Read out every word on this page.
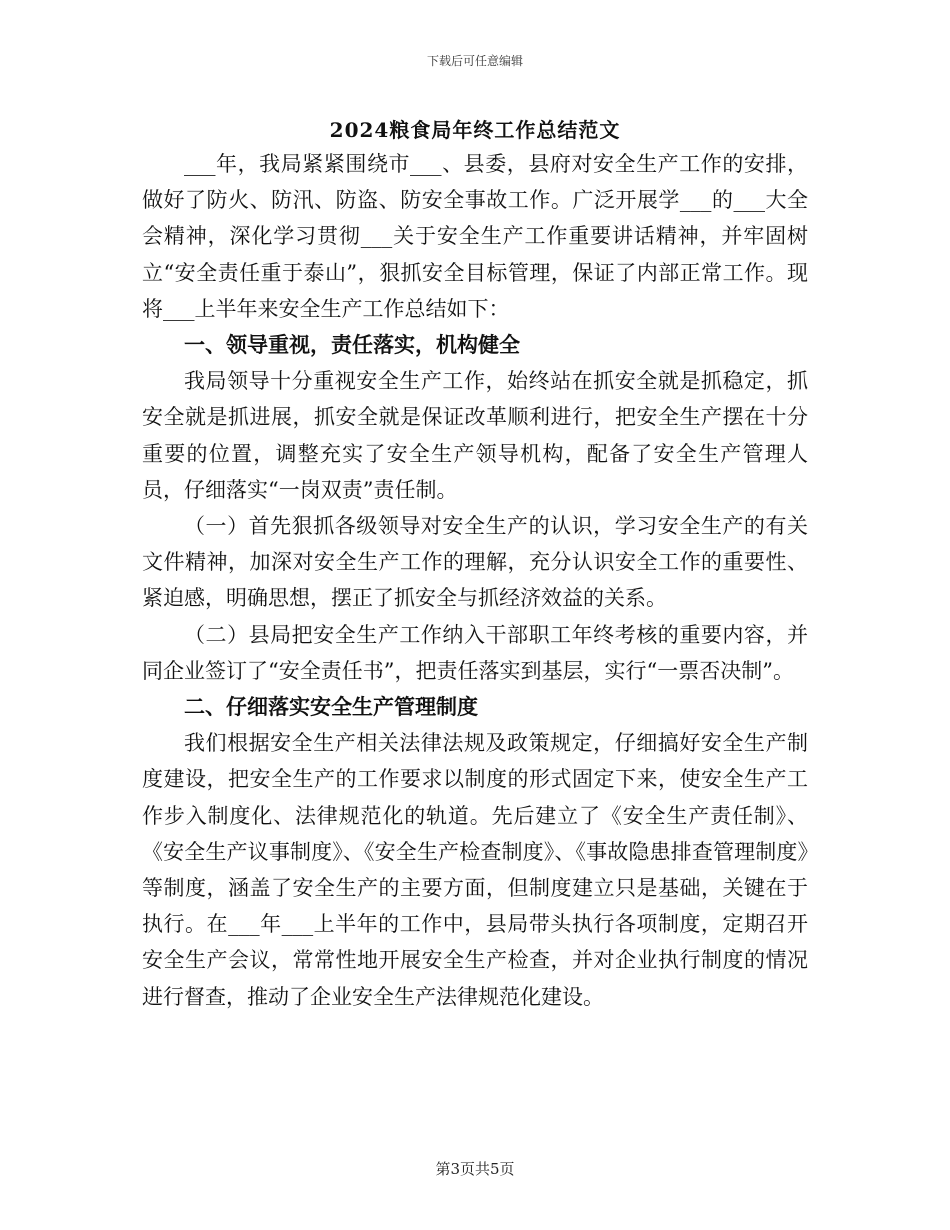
下载后可任意编辑
2024粮食局年终工作总结范文

___年，我局紧紧围绕市___、县委，县府对安全生产工作的安排，做好了防火、防汛、防盗、防安全事故工作。广泛开展学___的___大全会精神，深化学习贯彻___关于安全生产工作重要讲话精神，并牢固树立“安全责任重于泰山”，狠抓安全目标管理，保证了内部正常工作。现将___上半年来安全生产工作总结如下：

一、领导重视，责任落实，机构健全

我局领导十分重视安全生产工作，始终站在抓安全就是抓稳定，抓安全就是抓进展，抓安全就是保证改革顺利进行，把安全生产摆在十分重要的位置，调整充实了安全生产领导机构，配备了安全生产管理人员，仔细落实“一岗双责”责任制。

（一）首先狠抓各级领导对安全生产的认识，学习安全生产的有关文件精神，加深对安全生产工作的理解，充分认识安全工作的重要性、紧迫感，明确思想，摆正了抓安全与抓经济效益的关系。

（二）县局把安全生产工作纳入干部职工年终考核的重要内容，并同企业签订了“安全责任书”，把责任落实到基层，实行“一票否决制”。

二、仔细落实安全生产管理制度

我们根据安全生产相关法律法规及政策规定，仔细搞好安全生产制度建设，把安全生产的工作要求以制度的形式固定下来，使安全生产工作步入制度化、法律规范化的轨道。先后建立了《安全生产责任制》、《安全生产议事制度》、《安全生产检查制度》、《事故隐患排查管理制度》等制度，涵盖了安全生产的主要方面，但制度建立只是基础，关键在于执行。在___年___上半年的工作中，县局带头执行各项制度，定期召开安全生产会议，常常性地开展安全生产检查，并对企业执行制度的情况进行督查，推动了企业安全生产法律规范化建设。

第3页共5页
